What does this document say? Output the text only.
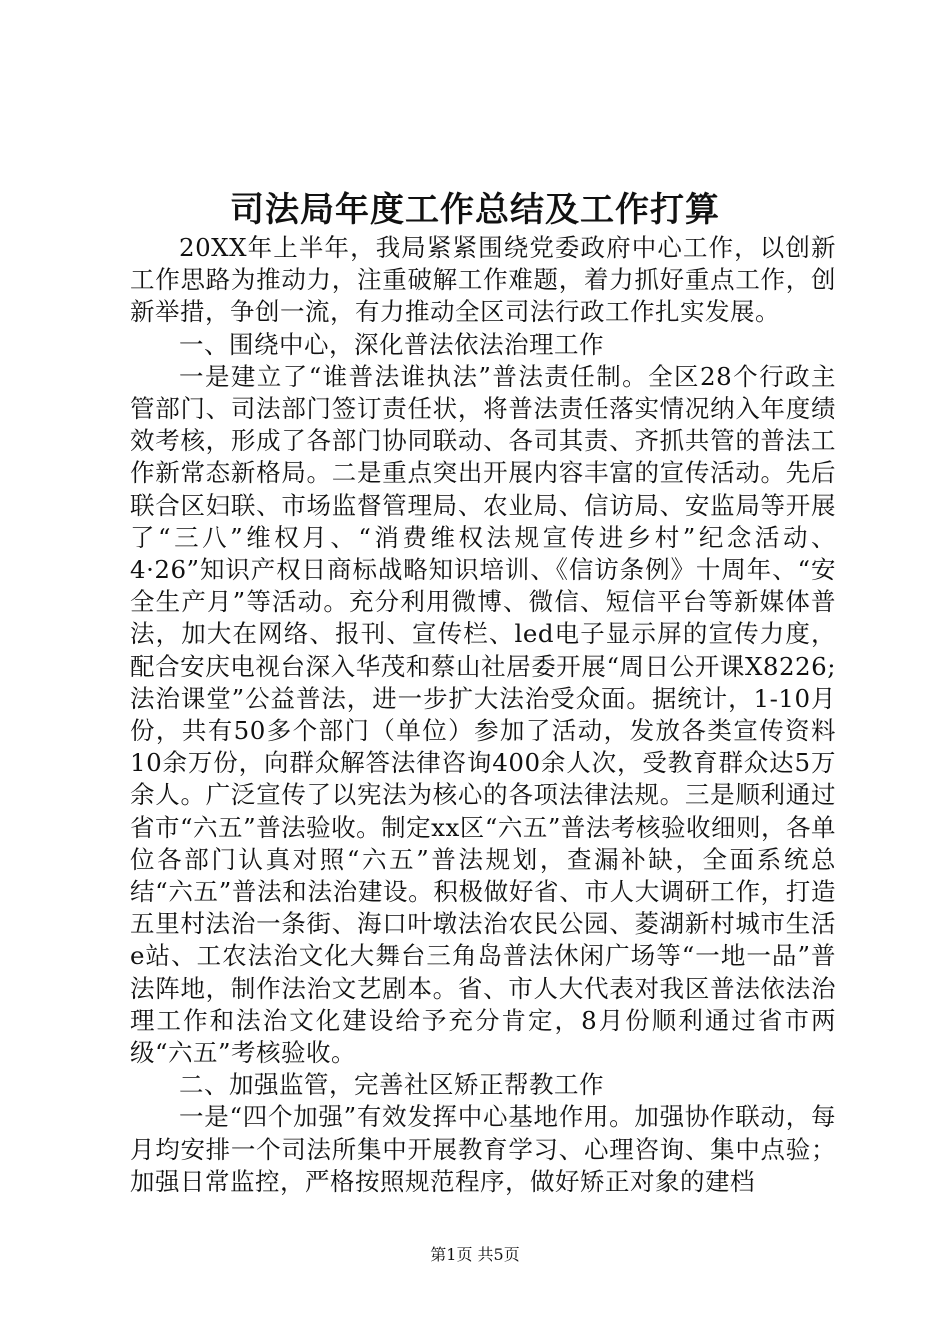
司法局年度工作总结及工作打算

20XX年上半年，我局紧紧围绕党委政府中心工作，以创新工作思路为推动力，注重破解工作难题，着力抓好重点工作，创新举措，争创一流，有力推动全区司法行政工作扎实发展。

一、围绕中心，深化普法依法治理工作

一是建立了“谁普法谁执法”普法责任制。全区28个行政主管部门、司法部门签订责任状，将普法责任落实情况纳入年度绩效考核，形成了各部门协同联动、各司其责、齐抓共管的普法工作新常态新格局。二是重点突出开展内容丰富的宣传活动。先后联合区妇联、市场监督管理局、农业局、信访局、安监局等开展了“三八”维权月、“消费维权法规宣传进乡村”纪念活动、4·26”知识产权日商标战略知识培训、《信访条例》十周年、“安全生产月”等活动。充分利用微博、微信、短信平台等新媒体普法，加大在网络、报刊、宣传栏、led电子显示屏的宣传力度，配合安庆电视台深入华茂和蔡山社居委开展“周日公开课X8226;法治课堂”公益普法，进一步扩大法治受众面。据统计，1-10月份，共有50多个部门（单位）参加了活动，发放各类宣传资料10余万份，向群众解答法律咨询400余人次，受教育群众达5万余人。广泛宣传了以宪法为核心的各项法律法规。三是顺利通过省市“六五”普法验收。制定xx区“六五”普法考核验收细则，各单位各部门认真对照“六五”普法规划，查漏补缺，全面系统总结“六五”普法和法治建设。积极做好省、市人大调研工作，打造五里村法治一条街、海口叶墩法治农民公园、菱湖新村城市生活e站、工农法治文化大舞台三角岛普法休闲广场等“一地一品”普法阵地，制作法治文艺剧本。省、市人大代表对我区普法依法治理工作和法治文化建设给予充分肯定，8月份顺利通过省市两级“六五”考核验收。

二、加强监管，完善社区矫正帮教工作

一是“四个加强”有效发挥中心基地作用。加强协作联动，每月均安排一个司法所集中开展教育学习、心理咨询、集中点验；加强日常监控，严格按照规范程序，做好矫正对象的建档

第1页 共5页
